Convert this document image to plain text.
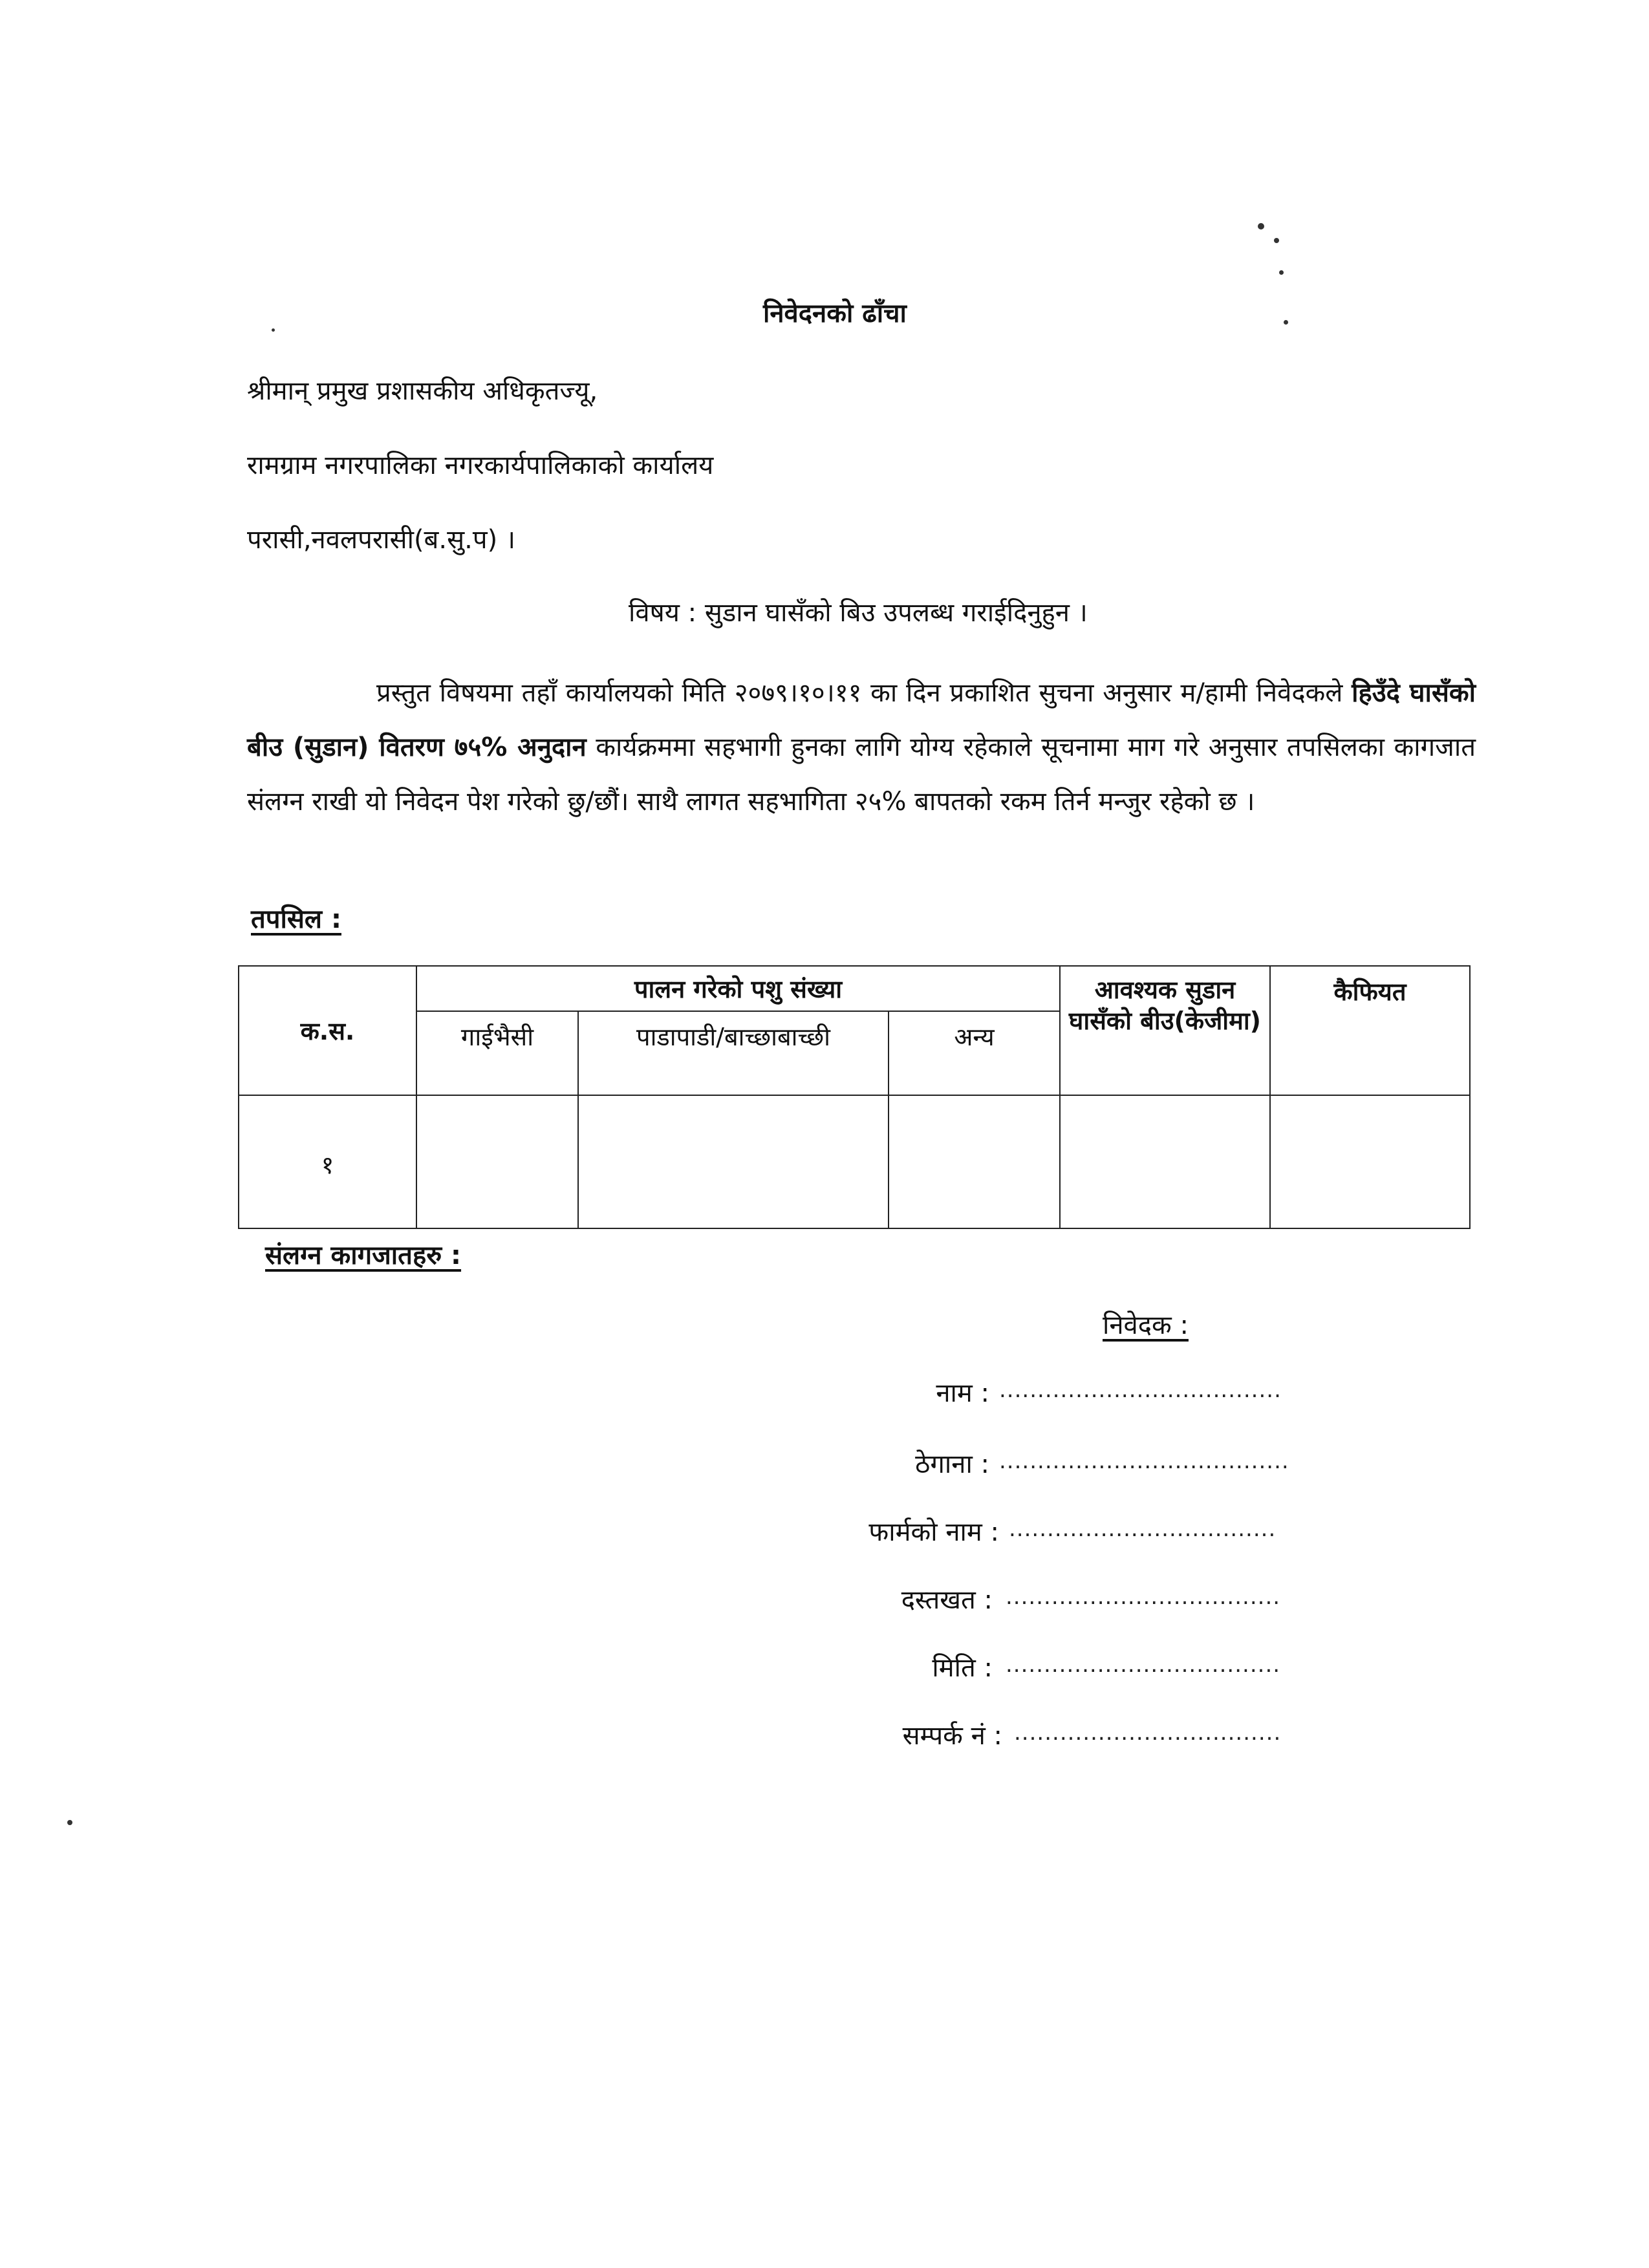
निवेदनको ढाँचा
श्रीमान् प्रमुख प्रशासकीय अधिकृतज्यू,
रामग्राम नगरपालिका नगरकार्यपालिकाको कार्यालय
परासी,नवलपरासी(ब.सु.प) ।
विषय : सुडान घासँको बिउ उपलब्ध गराईदिनुहुन ।
प्रस्तुत विषयमा तहाँ कार्यालयको मिति २०७९।१०।११ का दिन प्रकाशित सुचना अनुसार म/हामी निवेदकले हिउँदे घासँको बीउ (सुडान) वितरण ७५% अनुदान कार्यक्रममा सहभागी हुनका लागि योग्य रहेकाले सूचनामा माग गरे अनुसार तपसिलका कागजात संलग्न राखी यो निवेदन पेश गरेको छु/छौं। साथै लागत सहभागिता २५% बापतको रकम तिर्न मन्जुर रहेको छ ।
तपसिल :
क.स.	पालन गरेको पशु संख्या			आवश्यक सुडान घासँको बीउ(केजीमा)	कैफियत
	गाईभैसी	पाडापाडी/बाच्छाबाच्छी	अन्य		
१					
संलग्न कागजातहरु :
निवेदक :
नाम : .....................................
ठेगाना : ......................................
फार्मको नाम : ...................................
दस्तखत : ....................................
मिति : ....................................
सम्पर्क नं : ...................................
